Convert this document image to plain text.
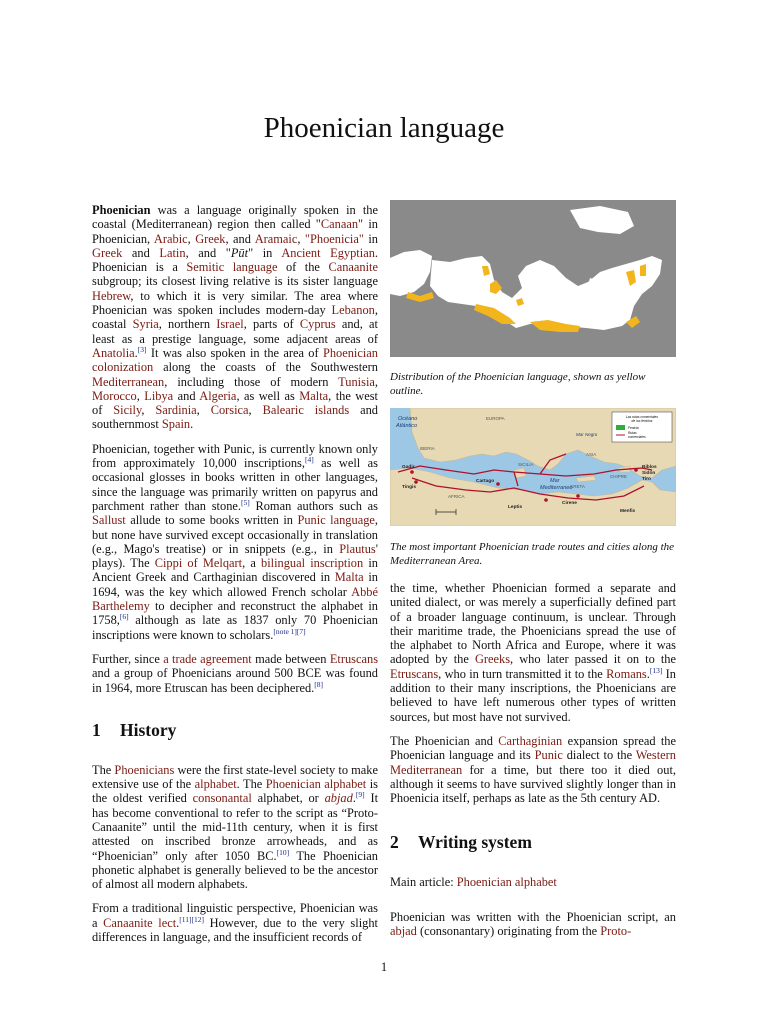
Phoenician language

Phoenician was a language originally spoken in the coastal (Mediterranean) region then called "Canaan" in Phoenician, Arabic, Greek, and Aramaic, "Phoenicia" in Greek and Latin, and "Pūt" in Ancient Egyptian. Phoenician is a Semitic language of the Canaanite subgroup; its closest living relative is its sister language Hebrew, to which it is very similar. The area where Phoenician was spoken includes modern-day Lebanon, coastal Syria, northern Israel, parts of Cyprus and, at least as a prestige language, some adjacent areas of Anatolia.[3] It was also spoken in the area of Phoenician colonization along the coasts of the Southwestern Mediterranean, including those of modern Tunisia, Morocco, Libya and Algeria, as well as Malta, the west of Sicily, Sardinia, Corsica, Balearic islands and southernmost Spain.

Phoenician, together with Punic, is currently known only from approximately 10,000 inscriptions,[4] as well as occasional glosses in books written in other languages, since the language was primarily written on papyrus and parchment rather than stone.[5] Roman authors such as Sallust allude to some books written in Punic language, but none have survived except occasionally in translation (e.g., Mago's treatise) or in snippets (e.g., in Plautus' plays). The Cippi of Melqart, a bilingual inscription in Ancient Greek and Carthaginian discovered in Malta in 1694, was the key which allowed French scholar Abbé Barthelemy to decipher and reconstruct the alphabet in 1758,[6] although as late as 1837 only 70 Phoenician inscriptions were known to scholars.[note 1][7]

Further, since a trade agreement made between Etruscans and a group of Phoenicians around 500 BCE was found in 1964, more Etruscan has been deciphered.[8]

1 History

The Phoenicians were the first state-level society to make extensive use of the alphabet. The Phoenician alphabet is the oldest verified consonantal alphabet, or abjad.[9] It has become conventional to refer to the script as “Proto-Canaanite” until the mid-11th century, when it is first attested on inscribed bronze arrowheads, and as “Phoenician” only after 1050 BC.[10] The Phoenician phonetic alphabet is generally believed to be the ancestor of almost all modern alphabets.

From a traditional linguistic perspective, Phoenician was a Canaanite lect.[11][12] However, due to the very slight differences in language, and the insufficient records of

Distribution of the Phoenician language, shown as yellow outline.
Océano
Atlántico
Mar
Mediterraneo
Mar Negro
EUROPA
IBERIA
AFRICA
ASIA
SICILIA
CRETA
CHIPRE
Gadir
Tingis
Cartago
Leptis
Cirene
Menfis
Biblos
Sidón
Tiro
Las rutas comerciales
de los fenicios
Fenicia
Rutas
comerciales
The most important Phoenician trade routes and cities along the Mediterranean Area.

the time, whether Phoenician formed a separate and united dialect, or was merely a superficially defined part of a broader language continuum, is unclear. Through their maritime trade, the Phoenicians spread the use of the alphabet to North Africa and Europe, where it was adopted by the Greeks, who later passed it on to the Etruscans, who in turn transmitted it to the Romans.[13] In addition to their many inscriptions, the Phoenicians are believed to have left numerous other types of written sources, but most have not survived.

The Phoenician and Carthaginian expansion spread the Phoenician language and its Punic dialect to the Western Mediterranean for a time, but there too it died out, although it seems to have survived slightly longer than in Phoenicia itself, perhaps as late as the 5th century AD.

2 Writing system

Main article: Phoenician alphabet

Phoenician was written with the Phoenician script, an abjad (consonantary) originating from the Proto-

1
